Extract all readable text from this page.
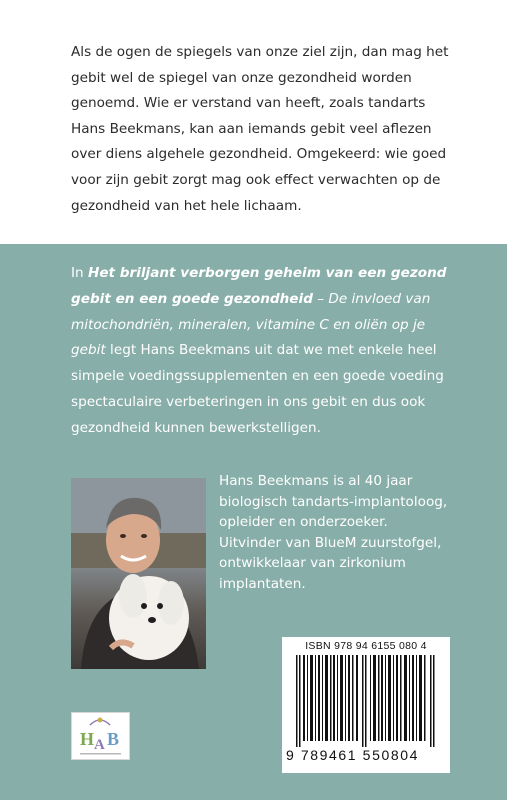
Als de ogen de spiegels van onze ziel zijn, dan mag het gebit wel de spiegel van onze gezondheid worden genoemd. Wie er verstand van heeft, zoals tandarts Hans Beekmans, kan aan iemands gebit veel aflezen over diens algehele gezondheid. Omgekeerd: wie goed voor zijn gebit zorgt mag ook effect verwachten op de gezondheid van het hele lichaam.

In Het briljant verborgen geheim van een gezond gebit en een goede gezondheid – De invloed van mitochondriën, mineralen, vitamine C en oliën op je gebit legt Hans Beekmans uit dat we met enkele heel simpele voedingssupplementen en een goede voeding spectaculaire verbeteringen in ons gebit en dus ook gezondheid kunnen bewerkstelligen.

Hans Beekmans is al 40 jaar biologisch tandarts-implantoloog, opleider en onderzoeker. Uitvinder van BlueM zuurstofgel, ontwikkelaar van zirkonium implantaten.

ISBN 978 94 6155 080 4
9 789461 550804
H A B
